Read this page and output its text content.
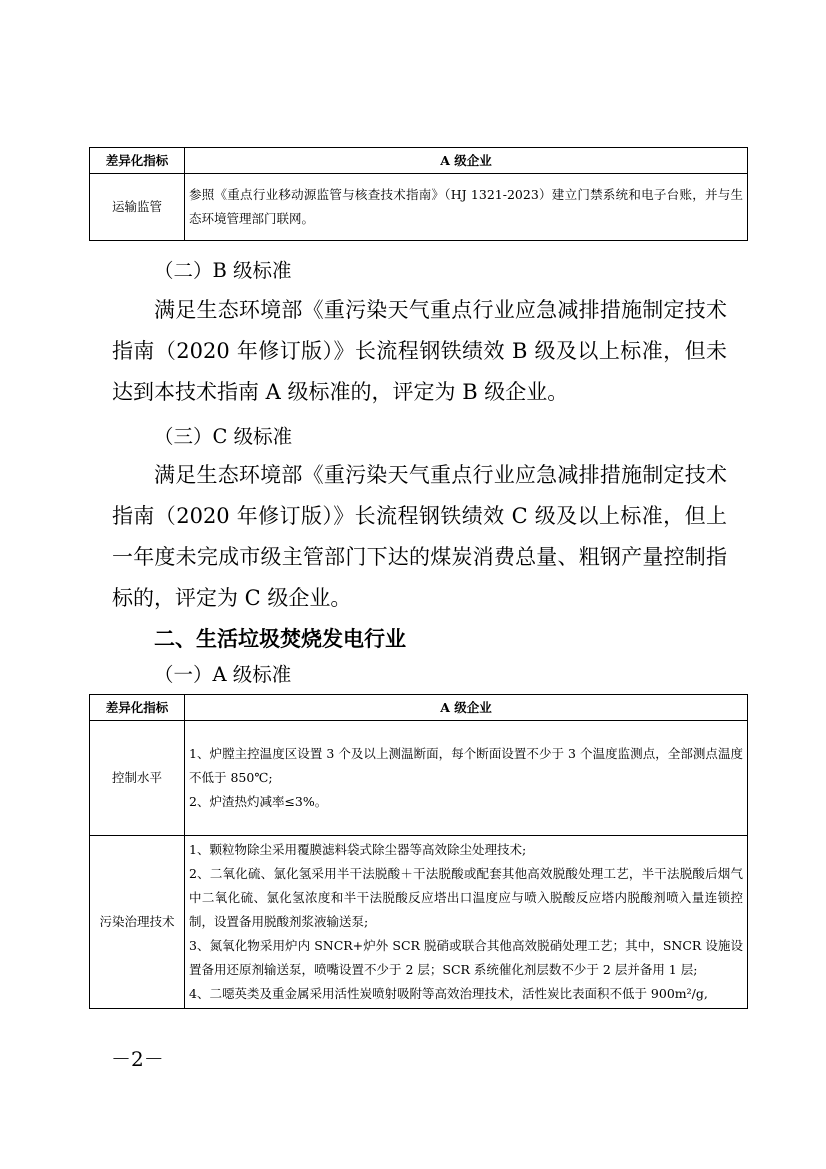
差异化指标	A 级企业
运输监管	参照《重点行业移动源监管与核查技术指南》（HJ 1321-2023）建立门禁系统和电子台账，并与生态环境管理部门联网。

（二）B 级标准

满足生态环境部《重污染天气重点行业应急减排措施制定技术指南（2020 年修订版）》长流程钢铁绩效 B 级及以上标准，但未达到本技术指南 A 级标准的，评定为 B 级企业。

（三）C 级标准

满足生态环境部《重污染天气重点行业应急减排措施制定技术指南（2020 年修订版）》长流程钢铁绩效 C 级及以上标准，但上一年度未完成市级主管部门下达的煤炭消费总量、粗钢产量控制指标的，评定为 C 级企业。

二、生活垃圾焚烧发电行业

（一）A 级标准

差异化指标	A 级企业
控制水平	1、炉膛主控温度区设置 3 个及以上测温断面，每个断面设置不少于 3 个温度监测点，全部测点温度不低于 850℃;

2、炉渣热灼减率≤3%。

污染治理技术	1、颗粒物除尘采用覆膜滤料袋式除尘器等高效除尘处理技术;

2、二氧化硫、氯化氢采用半干法脱酸＋干法脱酸或配套其他高效脱酸处理工艺，半干法脱酸后烟气中二氧化硫、氯化氢浓度和半干法脱酸反应塔出口温度应与喷入脱酸反应塔内脱酸剂喷入量连锁控制，设置备用脱酸剂浆液输送泵;

3、氮氧化物采用炉内 SNCR+炉外 SCR 脱硝或联合其他高效脱硝处理工艺；其中，SNCR 设施设置备用还原剂输送泵，喷嘴设置不少于 2 层；SCR 系统催化剂层数不少于 2 层并备用 1 层;

4、二噁英类及重金属采用活性炭喷射吸附等高效治理技术，活性炭比表面积不低于 900m²/g,

－2－
